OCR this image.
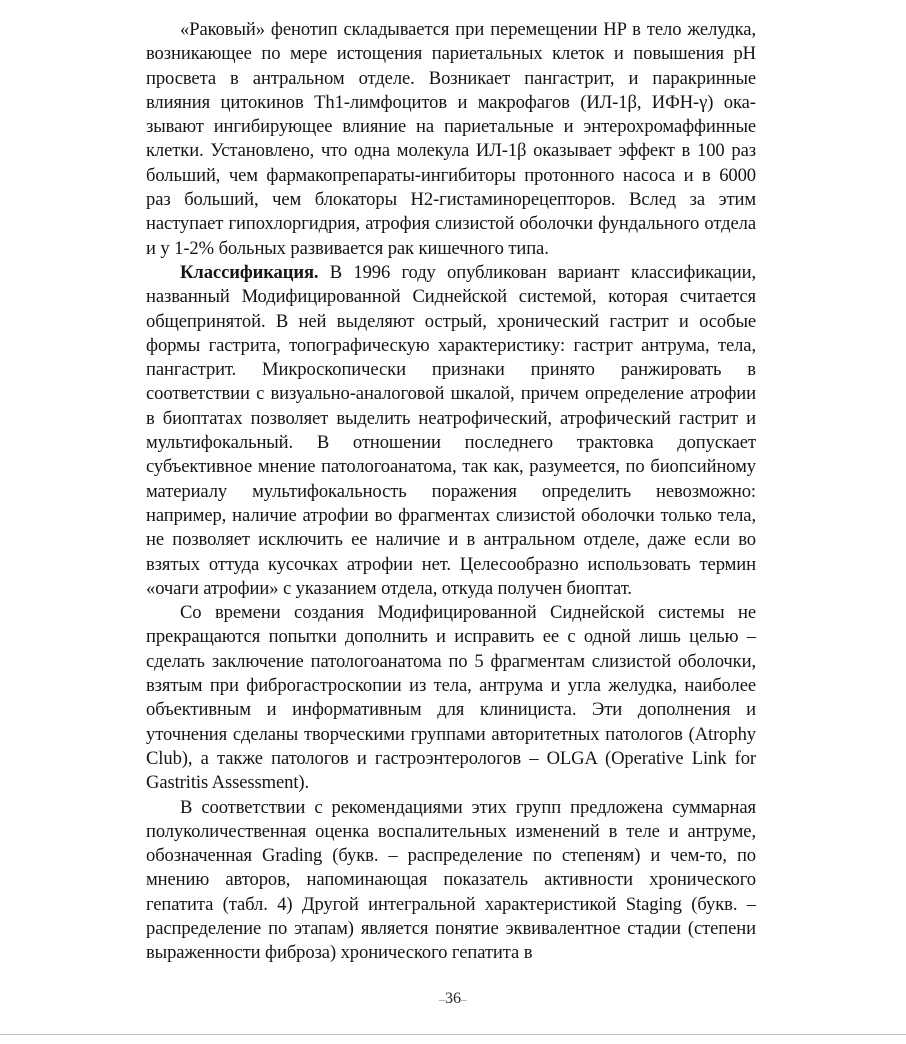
«Раковый» фенотип складывается при перемещении HP в тело желудка, возникающее по мере истощения париетальных клеток и повышения pH просвета в антральном отделе. Возникает пангастрит, и паракринные влияния цитокинов Th1-лимфоцитов и макрофагов (ИЛ-1β, ИФН-γ) оказывают ингибирующее влияние на париетальные и энтерохромаффинные клетки. Установлено, что одна молекула ИЛ-1β оказывает эффект в 100 раз больший, чем фармакопрепараты-ингибиторы протонного насоса и в 6000 раз больший, чем блокаторы Н2-гистаминорецепторов. Вслед за этим наступает гипохлоргидрия, атрофия слизистой оболочки фундального отдела и у 1-2% больных развивается рак кишечного типа.

Классификация. В 1996 году опубликован вариант классификации, названный Модифицированной Сиднейской системой, которая считается общепринятой. В ней выделяют острый, хронический гастрит и особые формы гастрита, топографическую характеристику: гастрит антрума, тела, пангастрит. Микроскопически признаки принято ранжировать в соответствии с визуально-аналоговой шкалой, причем определение атрофии в биоптатах позволяет выделить неатрофический, атрофический гастрит и мультифокальный. В отношении последнего трактовка допускает субъективное мнение патологоанатома, так как, разумеется, по биопсийному материалу мультифокальность поражения определить невозможно: например, наличие атрофии во фрагментах слизистой оболочки только тела, не позволяет исключить ее наличие и в антральном отделе, даже если во взятых оттуда кусочках атрофии нет. Целесообразно использовать термин «очаги атрофии» с указанием отдела, откуда получен биоптат.

Со времени создания Модифицированной Сиднейской системы не прекращаются попытки дополнить и исправить ее с одной лишь целью – сделать заключение патологоанатома по 5 фрагментам слизистой оболочки, взятым при фиброгастроскопии из тела, антрума и угла желудка, наиболее объективным и информативным для клинициста. Эти дополнения и уточнения сделаны творческими группами авторитетных патологов (Atrophy Club), а также патологов и гастроэнтерологов – OLGA (Operative Link for Gastritis Assessment).

В соответствии с рекомендациями этих групп предложена суммарная полуколичественная оценка воспалительных изменений в теле и антруме, обозначенная Grading (букв. – распределение по степеням) и чем-то, по мнению авторов, напоминающая показатель активности хронического гепатита (табл. 4) Другой интегральной характеристикой Staging (букв. – распределение по этапам) является понятие эквивалентное стадии (степени выраженности фиброза) хронического гепатита в

–36–
